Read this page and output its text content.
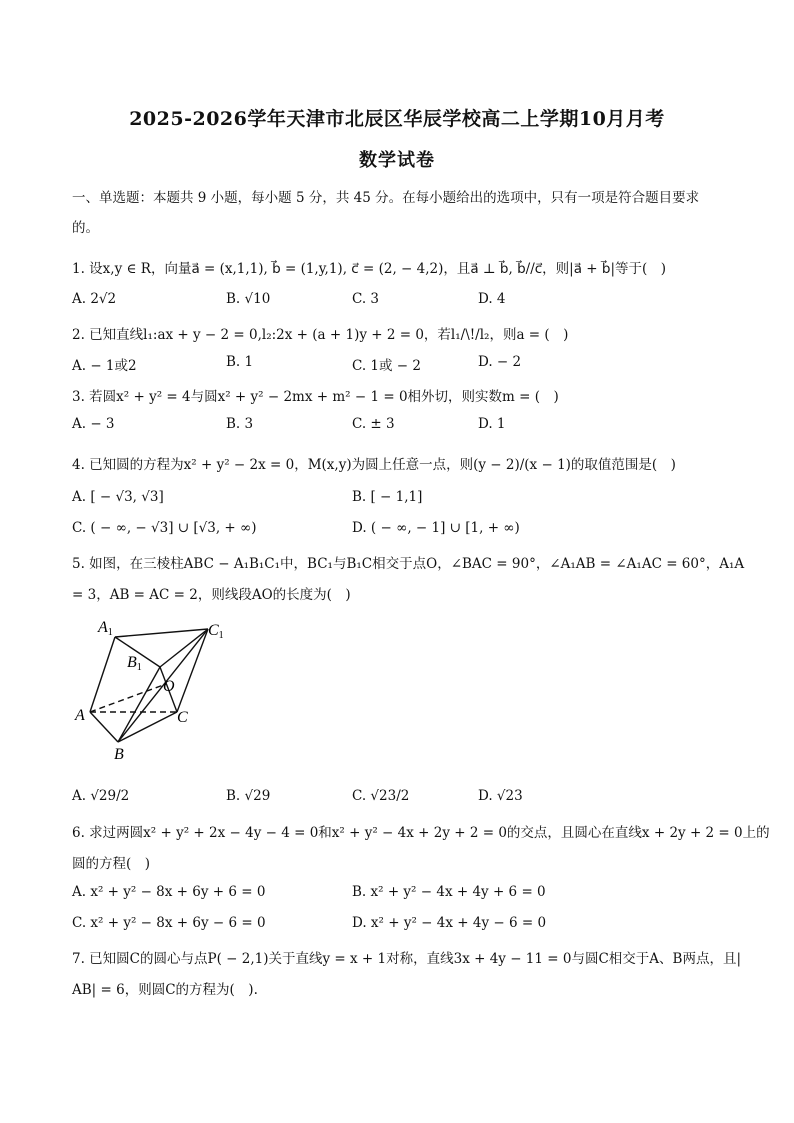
2025-2026学年天津市北辰区华辰学校高二上学期10月月考
数学试卷
一、单选题：本题共 9 小题，每小题 5 分，共 45 分。在每小题给出的选项中，只有一项是符合题目要求
的。
1. 设x,y ∈ R，向量a⃗ = (x,1,1), b⃗ = (1,y,1), c⃗ = (2, − 4,2)，且a⃗ ⊥ b⃗, b⃗//c⃗，则|a⃗ + b⃗|等于(　)
A. 2√2	B. √10	C. 3	D. 4
2. 已知直线l₁:ax + y − 2 = 0,l₂:2x + (a + 1)y + 2 = 0，若l₁/\!/l₂，则a = (　)
A. − 1或2	B. 1	C. 1或 − 2	D. − 2
3. 若圆x² + y² = 4与圆x² + y² − 2mx + m² − 1 = 0相外切，则实数m = (　)
A. − 3	B. 3	C. ± 3	D. 1
4. 已知圆的方程为x² + y² − 2x = 0，M(x,y)为圆上任意一点，则(y − 2)/(x − 1)的取值范围是(　)
A. [ − √3, √3]	B. [ − 1,1]
C. ( − ∞, − √3] ∪ [√3, + ∞)	D. ( − ∞, − 1] ∪ [1, + ∞)
5. 如图，在三棱柱ABC − A₁B₁C₁中，BC₁与B₁C相交于点O，∠BAC = 90°，∠A₁AB = ∠A₁AC = 60°，A₁A
= 3，AB = AC = 2，则线段AO的长度为(　)
A1	C1
B1
O
A	C
B
A. √29/2	B. √29	C. √23/2	D. √23
6. 求过两圆x² + y² + 2x − 4y − 4 = 0和x² + y² − 4x + 2y + 2 = 0的交点，且圆心在直线x + 2y + 2 = 0上的
圆的方程(　)
A. x² + y² − 8x + 6y + 6 = 0	B. x² + y² − 4x + 4y + 6 = 0
C. x² + y² − 8x + 6y − 6 = 0	D. x² + y² − 4x + 4y − 6 = 0
7. 已知圆C的圆心与点P( − 2,1)关于直线y = x + 1对称，直线3x + 4y − 11 = 0与圆C相交于A、B两点，且|
AB| = 6，则圆C的方程为(　).
